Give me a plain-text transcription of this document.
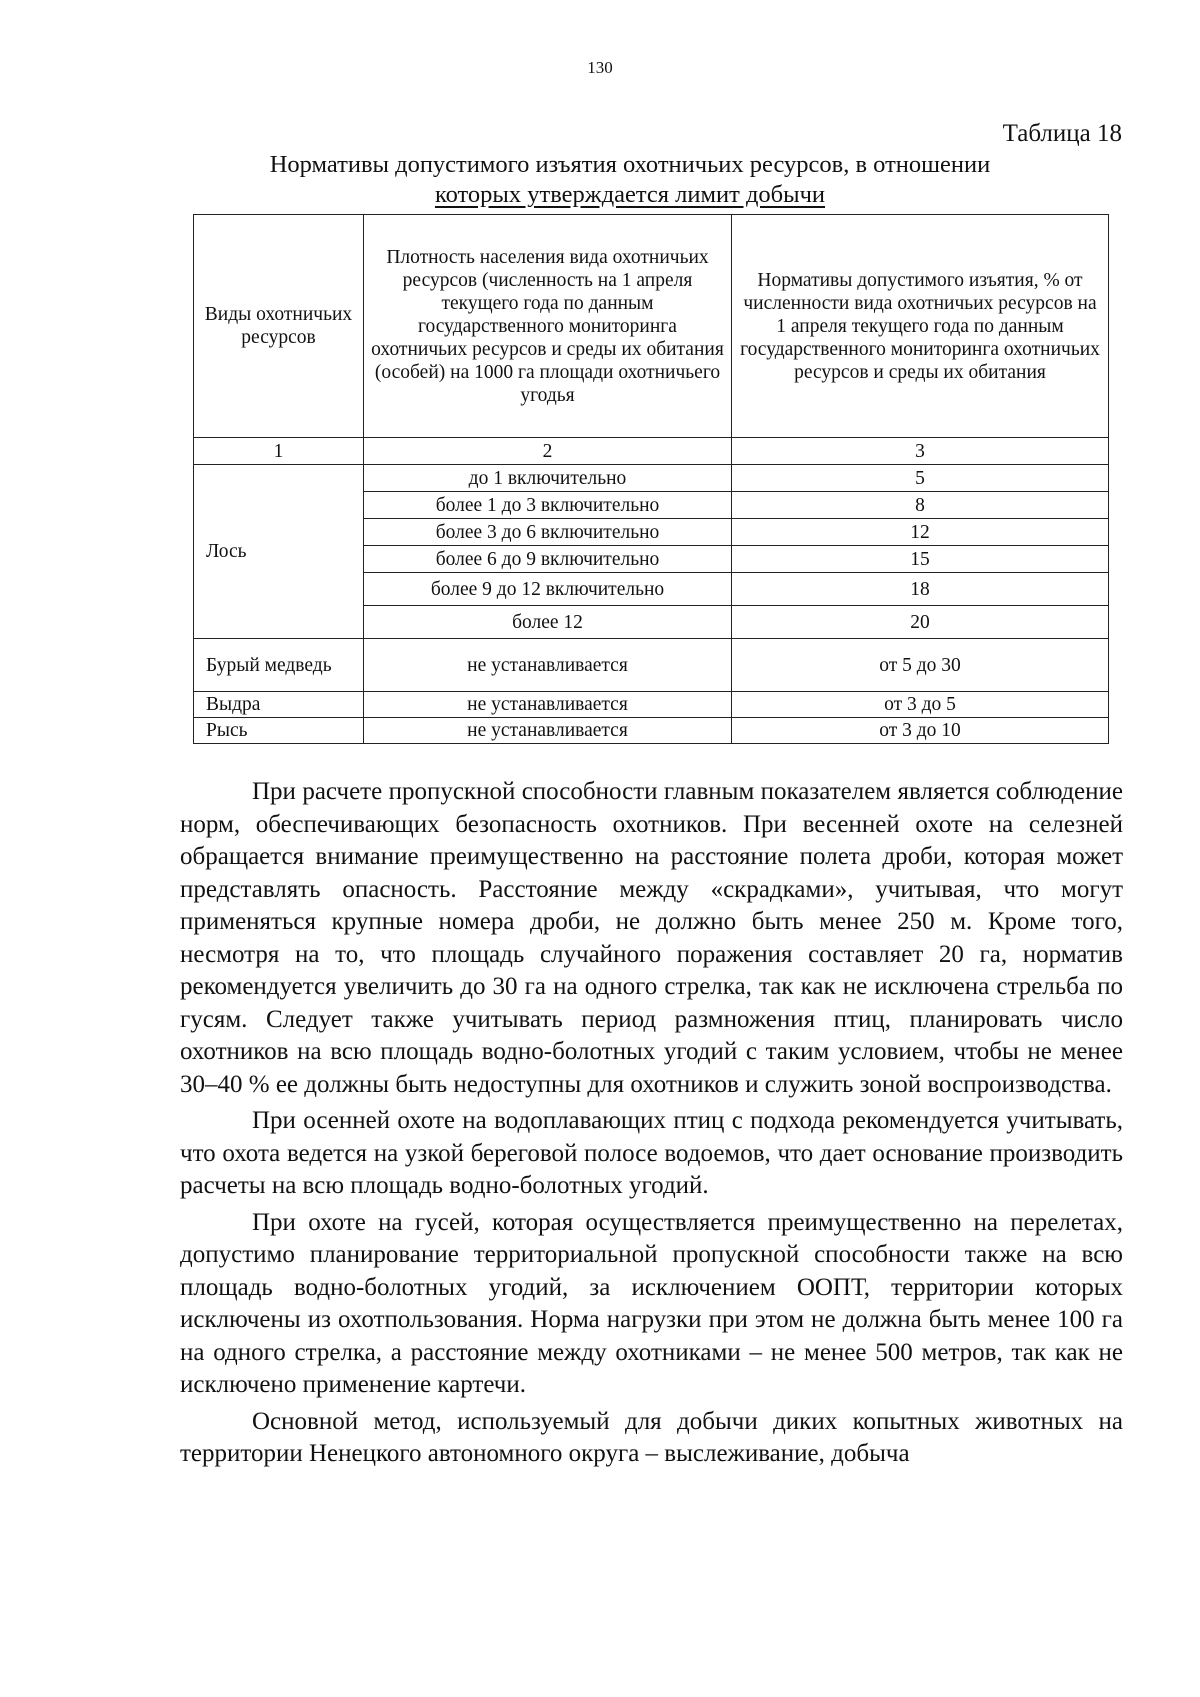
130
Таблица 18
Нормативы допустимого изъятия охотничьих ресурсов, в отношении
которых утверждается лимит добычи
Виды охотничьих ресурсов	Плотность населения вида охотничьих ресурсов (численность на 1 апреля текущего года по данным государственного мониторинга охотничьих ресурсов и среды их обитания (особей) на 1000 га площади охотничьего угодья	Нормативы допустимого изъятия, % от численности вида охотничьих ресурсов на 1 апреля текущего года по данным государственного мониторинга охотничьих ресурсов и среды их обитания
1	2	3
Лось	до 1 включительно	5
	более 1 до 3 включительно	8
	более 3 до 6 включительно	12
	более 6 до 9 включительно	15
	более 9 до 12 включительно	18
	более 12	20
Бурый медведь	не устанавливается	от 5 до 30
Выдра	не устанавливается	от 3 до 5
Рысь	не устанавливается	от 3 до 10

При расчете пропускной способности главным показателем является соблюдение норм, обеспечивающих безопасность охотников. При весенней охоте на селезней обращается внимание преимущественно на расстояние полета дроби, которая может представлять опасность. Расстояние между «скрадками», учитывая, что могут применяться крупные номера дроби, не должно быть менее 250 м. Кроме того, несмотря на то, что площадь случайного поражения составляет 20 га, норматив рекомендуется увеличить до 30 га на одного стрелка, так как не исключена стрельба по гусям. Следует также учитывать период размножения птиц, планировать число охотников на всю площадь водно-болотных угодий с таким условием, чтобы не менее 30–40 % ее должны быть недоступны для охотников и служить зоной воспроизводства.

При осенней охоте на водоплавающих птиц с подхода рекомендуется учитывать, что охота ведется на узкой береговой полосе водоемов, что дает основание производить расчеты на всю площадь водно-болотных угодий.

При охоте на гусей, которая осуществляется преимущественно на перелетах, допустимо планирование территориальной пропускной способности также на всю площадь водно-болотных угодий, за исключением ООПТ, территории которых исключены из охотпользования. Норма нагрузки при этом не должна быть менее 100 га на одного стрелка, а расстояние между охотниками – не менее 500 метров, так как не исключено применение картечи.

Основной метод, используемый для добычи диких копытных животных на территории Ненецкого автономного округа – выслеживание, добыча
